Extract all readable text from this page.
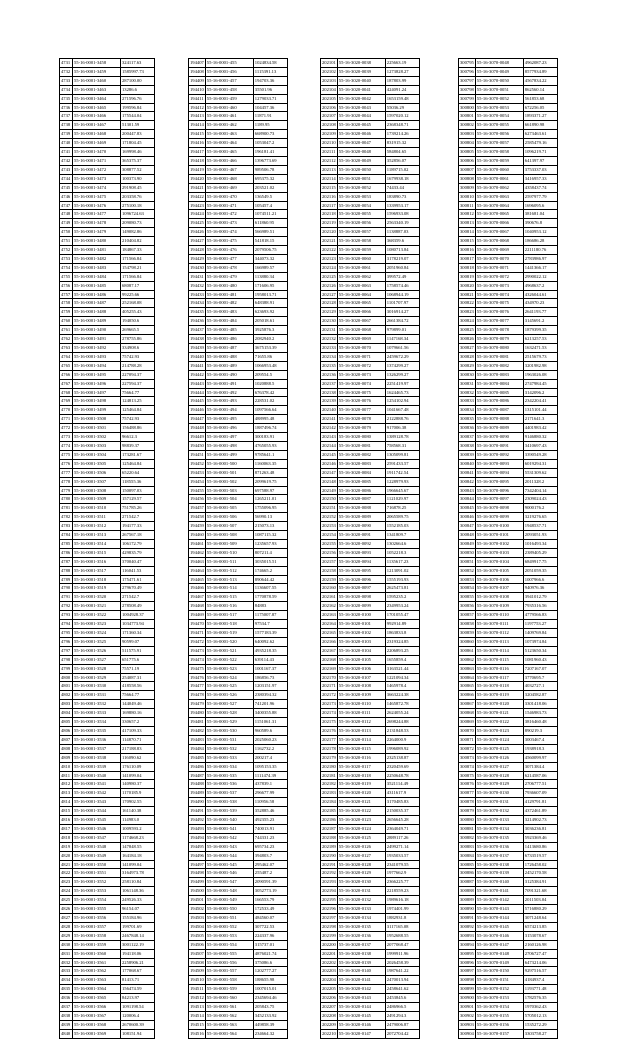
4731	55-16-0001-3458	324117.63
4732	55-16-0001-3459	1585997.73
4733	55-16-0001-3460	287100.00
4734	55-16-0001-3463	13286.6
4735	55-16-0001-3464	271596.76
4736	55-16-0001-3465	199596.84
4737	55-16-0001-3466	175544.04
4738	55-16-0001-3467	51301.59
4739	55-16-0001-3468	200447.83
4740	55-16-0001-3469	171804.45
4741	55-16-0001-3470	169998.46
4742	55-16-0001-3471	365375.37
4743	55-16-0001-3472	308877.52
4744	55-16-0001-3473	100373.90
4745	55-16-0001-3474	291908.45
4746	55-16-0001-3475	203358.76
4747	55-16-0001-3476	275100.18
4748	55-16-0001-3477	1096724.63
4749	55-16-0001-3478	209080.73
4750	55-16-0001-3479	149082.86
4751	55-16-0001-3480	210404.82
4752	55-16-0001-3481	184867.33
4753	55-16-0001-3482	171566.84
4754	55-16-0001-3483	154798.21
4755	55-16-0001-3484	171566.84
4756	55-16-0001-3485	68087.17
4757	55-16-0001-3486	99225.66
4758	55-16-0001-3487	252168.08
4759	55-16-0001-3488	405255.43
4760	55-16-0001-3489	194050.6
4761	55-16-0001-3490	269665.5
4762	55-16-0001-3491	278755.86
4763	55-16-0001-3492	334908.6
4764	55-16-0001-3493	75742.93
4765	55-16-0001-3494	214788.28
4766	55-16-0001-3495	227094.37
4767	55-16-0001-3496	227594.37
4768	55-16-0001-3497	75664.77
4769	55-16-0001-3498	124813.25
4770	55-16-0001-3499	125464.84
4771	55-16-0001-3500	75742.93
4772	55-16-0001-3501	156488.86
4773	55-16-0001-3502	96612.3
4774	55-16-0001-3503	98839.37
4775	55-16-0001-3504	173281.67
4776	55-16-0001-3505	125464.84
4777	55-16-0001-3506	65220.64
4778	55-16-0001-3507	118555.36
4779	55-16-0001-3508	150097.03
4780	55-16-0001-3509	157129.57
4781	55-16-0001-3510	751785.26
4782	55-16-0001-3511	271542.7
4783	55-16-0001-3512	194177.33
4784	55-16-0001-3513	267567.18
4785	55-16-0001-3514	106172.79
4786	55-16-0001-3515	429835.79
4787	55-16-0001-3516	370040.47
4788	55-16-0001-3517	116041.53
4789	55-16-0001-3518	175471.61
4790	55-16-0001-3519	279670.49
4791	55-16-0001-3520	271542.7
4792	55-16-0001-3521	278508.49
4793	55-16-0001-3522	1004928.37
4794	55-16-0001-3523	1034773.94
4795	55-16-0001-3524	171360.34
4796	55-16-0001-3525	90599.07
4797	55-16-0001-3526	511575.91
4798	55-16-0001-3527	651775.6
4799	55-16-0001-3528	75571.19
4800	55-16-0001-3529	254087.31
4801	55-16-0001-3530	418558.56
4802	55-16-0001-3531	75664.77
4803	55-16-0001-3532	144049.46
4804	55-16-0001-3533	169880.16
4805	55-16-0001-3534	330657.2
4806	55-16-0001-3535	417109.33
4807	55-16-0001-3536	114870.71
4808	55-16-0001-3537	217188.83
4809	55-16-0001-3538	116090.62
4810	55-16-0001-3539	176110.09
4811	55-16-0001-3540	141099.04
4812	55-16-0001-3541	140980.37
4813	55-16-0001-3542	1170185.9
4814	55-16-0001-3543	170902.55
4815	55-16-0001-3544	161140.38
4816	55-16-0001-3545	114983.0
4817	55-16-0001-3546	1009593.2
4818	55-16-0001-3547	1174668.23
4819	55-16-0001-3548	147848.55
4820	55-16-0001-3549	164184.18
4821	55-16-0001-3550	141099.04
4822	55-16-0001-3551	3164973.78
4823	55-16-0001-3552	258110.84
4824	55-16-0001-3553	1061148.36
4825	55-16-0001-3554	249526.33
4826	55-16-0001-3555	96154.07
4827	55-16-0001-3556	155184.96
4828	55-16-0001-3557	199701.69
4829	55-16-0001-3558	2467848.14
4830	55-16-0001-3559	3001122.19
4831	55-16-0001-3560	194118.06
4832	55-16-0001-3561	2258906.21
4833	55-16-0001-3562	177068.67
4834	55-16-0001-3563	81413.71
4835	55-16-0001-3564	156474.59
4836	55-16-0001-3565	84213.97
4837	55-16-0001-3566	1091198.54
4838	55-16-0001-3567	120006.4
4839	55-16-0001-3568	2670600.39
4840	55-16-0001-3569	108151.94
194407	55-16-0001-455	1024834.58
194408	55-16-0001-456	1115391.13
194409	55-16-0001-457	194703.36
194410	55-16-0001-458	35501.96
194411	55-16-0001-459	1279033.71
194412	55-16-0001-460	104457.36
194413	55-16-0001-461	11871.91
194414	55-16-0001-462	1189.95
194415	55-16-0001-463	668900.73
194416	55-16-0001-464	1053047.2
194417	55-16-0001-465	196181.41
194418	55-16-0001-466	1396773.69
194419	55-16-0001-467	989506.78
194420	55-16-0001-468	695375.32
194421	55-16-0001-469	203521.02
194422	55-16-0001-470	136549.5
194423	55-16-0001-471	105457.4
194424	55-16-0001-472	1074511.21
194425	55-16-0001-473	611860.95
194426	55-16-0001-474	566989.51
194427	55-16-0001-475	541818.15
194428	55-16-0001-476	2079506.75
194429	55-16-0001-477	344073.32
194430	55-16-0001-478	166989.57
194431	55-16-0001-479	113880.34
194432	55-16-0001-480	171606.95
194433	55-16-0001-481	1958013.71
194434	55-16-0001-482	648388.91
194435	55-16-0001-483	623693.92
194436	55-16-0001-484	205018.61
194437	55-16-0001-485	3925876.3
194438	55-16-0001-486	2082940.2
194439	55-16-0001-487	3675153.39
194440	55-16-0001-488	71655.86
194441	55-16-0001-489	1066953.48
194442	55-16-0001-490	209554.5
194443	55-16-0001-491	1020888.5
194444	55-16-0001-492	676378.42
194445	55-16-0001-493	228531.02
194446	55-16-0001-494	1097566.64
194447	55-16-0001-495	488995.48
194448	55-16-0001-496	1887496.74
194449	55-16-0001-497	300183.91
194450	55-16-0001-498	4765055.93
194451	55-16-0001-499	9785641.1
194452	55-16-0001-500	1160063.35
194453	55-16-0001-501	871263.48
194454	55-16-0001-502	2099619.75
194455	55-16-0001-503	697588.97
194456	55-16-0001-504	1265211.01
194457	55-16-0001-505	1755096.95
194458	55-16-0001-506	56990.13
194459	55-16-0001-507	215073.13
194460	55-16-0001-508	1087115.32
194461	55-16-0001-509	1235657.93
194462	55-16-0001-510	807211.4
194463	55-16-0001-511	3035015.51
194464	55-16-0001-512	174665.2
194465	55-16-0001-513	890644.42
194466	55-16-0001-514	1136607.55
194467	55-16-0001-515	1770878.59
194468	55-16-0001-516	84883
194469	55-16-0001-517	1175007.87
194470	55-16-0001-518	97534.7
194471	55-16-0001-519	1577183.39
194472	55-16-0001-520	640092.62
194473	55-16-0001-521	4935218.35
194474	55-16-0001-522	639114.43
194475	55-16-0001-523	1001167.37
194476	55-16-0001-524	186856.73
194477	55-16-0001-525	1203151.97
194478	55-16-0001-526	2380394.32
194479	55-16-0001-527	741201.96
194480	55-16-0001-528	3400355.88
194481	55-16-0001-529	1151061.31
194482	55-16-0001-530	960589.6
194483	55-16-0001-531	2025060.23
194484	55-16-0001-532	1162732.2
194485	55-16-0001-533	200217.4
194486	55-16-0001-534	1095153.35
194487	55-16-0001-535	1111474.39
194488	55-16-0001-536	437839.1
194489	55-16-0001-537	296677.99
194490	55-16-0001-538	110956.58
194491	55-16-0001-539	352885.46
194492	55-16-0001-540	492355.23
194493	55-16-0001-541	740013.91
194494	55-16-0001-542	744331.23
194495	55-16-0001-543	695734.23
194496	55-16-0001-544	394803.7
194497	55-16-0001-545	295462.07
194498	55-16-0001-546	255487.2
194499	55-16-0001-547	2090591.39
194500	55-16-0001-548	3052773.19
194501	55-16-0001-549	166553.79
194502	55-16-0001-550	172533.49
194503	55-16-0001-551	484560.07
194504	55-16-0001-552	307722.53
194505	55-16-0001-553	224337.96
194506	55-16-0001-554	315737.01
194507	55-16-0001-555	4876021.74
194508	55-16-0001-556	375086.6
194509	55-16-0001-557	1202777.27
194510	55-16-0001-558	188655.98
194511	55-16-0001-559	1007015.01
194512	55-16-0001-560	2345694.46
194513	55-16-0001-561	205843.75
194514	55-16-0001-562	3452133.92
194515	55-16-0001-563	449858.39
194516	55-16-0001-564	234664.32
202101	55-16-3020-0038	225663.19
202102	55-16-3020-0039	1273828.27
202103	55-16-3020-0040	187803.99
202104	55-16-3020-0041	424091.24
202105	55-16-3020-0042	1653159.48
202106	55-16-3020-0043	55036.29
202107	55-16-3020-0044	1597020.12
202108	55-16-3020-0045	2368348.71
202109	55-16-3020-0046	1739214.26
202110	55-16-3020-0047	831915.32
202111	55-16-3020-0048	584804.65
202112	55-16-3020-0049	352856.07
202113	55-16-3020-0050	1189715.02
202114	55-16-3020-0051	1679938.18
202115	55-16-3020-0052	74433.44
202116	55-16-3020-0053	183890.73
202117	55-16-3020-0054	1339953.17
202118	55-16-3020-0055	1596933.08
202119	55-16-3020-0056	2563340.19
202120	55-16-3020-0057	1138887.03
202121	55-16-3020-0058	368359.6
202122	55-16-3020-0059	1080713.84
202123	55-16-3020-0060	3178219.07
202124	55-16-3020-0061	2051960.84
202125	55-16-3020-0062	399572.49
202126	55-16-3020-0063	1758574.46
202127	55-16-3020-0064	1068944.19
202128	55-16-3020-0065	1101707.97
202129	55-16-3020-0066	3016914.27
202130	55-16-3020-0067	2661384.72
202131	55-16-3020-0068	979899.01
202132	55-16-3020-0069	1147168.34
202133	55-16-3020-0070	1079661.56
202134	55-16-3020-0071	2459672.29
202135	55-16-3020-0072	1374299.27
202136	55-16-3020-0073	1326299.27
202137	55-16-3020-0074	2251419.97
202138	55-16-3020-0075	1624465.73
202139	55-16-3020-0076	1254102.94
202140	55-16-3020-0077	1041667.48
202141	55-16-3020-0078	2122888.76
202142	55-16-3020-0079	917006.38
202143	55-16-3020-0080	1389128.78
202144	55-16-3020-0081	758568.31
202145	55-16-3020-0082	1305099.81
202146	55-16-3020-0083	2591433.57
202147	55-16-3020-0084	1911742.54
202148	55-16-3020-0085	1228979.93
202149	55-16-3020-0086	1966645.67
202150	55-16-3020-0087	1121029.97
202151	55-16-3020-0088	716878.25
202152	55-16-3020-0089	2065589.75
202153	55-16-3020-0090	1552185.03
202154	55-16-3020-0091	1341809.7
202155	55-16-3020-0092	1302664.6
202156	55-16-3020-0093	1052218.3
202157	55-16-3020-0094	1135617.23
202158	55-16-3020-0095	1213091.02
202159	55-16-3020-0096	1555193.93
202160	55-16-3020-0097	2625473.81
202161	55-16-3020-0098	1595235.2
202162	55-16-3020-0099	2349953.24
202163	55-16-3020-0100	1701055.47
202164	55-16-3020-0101	992914.89
202165	55-16-3020-0102	1863833.8
202166	55-16-3020-0103	2319324.85
202167	55-16-3020-0104	2206893.25
202168	55-16-3020-0105	1655859.4
202169	55-16-3020-0106	3163521.44
202170	55-16-3020-0107	1221094.34
202171	55-16-3020-0108	1465978.4
202172	55-16-3020-0109	3663224.38
202173	55-16-3020-0110	1465872.78
202174	55-16-3020-0111	2624055.24
202175	55-16-3020-0112	2698244.88
202176	55-16-3020-0113	2131848.53
202177	55-16-3020-0114	2264000.9
202178	55-16-3020-0115	1996089.92
202179	55-16-3020-0116	2325138.87
202180	55-16-3020-0117	2320459.69
202181	55-16-3020-0118	2250648.78
202182	55-16-3020-0119	3521114.49
202183	55-16-3020-0120	4311617.9
202184	55-16-3020-0121	3170485.83
202185	55-16-3020-0122	2150035.37
202186	55-16-3020-0123	2656645.28
202187	55-16-3020-0124	2364049.71
202188	55-16-3020-0125	2889117.26
202189	55-16-3020-0126	2499271.14
202190	55-16-3020-0127	1935033.57
202191	55-16-3020-0128	2341079.55
202192	55-16-3020-0129	1977662.9
202193	55-16-3020-0130	2366225.77
202194	55-16-3020-0131	2218559.23
202195	55-16-3020-0132	1989616.18
202196	55-16-3020-0133	1974401.99
202197	55-16-3020-0134	1882931.8
202198	55-16-3020-0135	3117165.08
202199	55-16-3020-0136	1952688.55
202200	55-16-3020-0137	2077068.47
202201	55-16-3020-0138	1999911.96
202202	55-16-3020-0139	2026458.39
202203	55-16-3020-0140	1987641.22
202204	55-16-3020-0141	2470013.94
202205	55-16-3020-0142	2458641.62
202206	55-16-3020-0143	2453845.6
202207	55-16-3020-0144	2486966.5
202208	55-16-3020-0145	2491294.3
202209	55-16-3020-0146	2479006.87
202210	55-16-3020-0147	2072704.42
300795	55-16-3070-0048	4962087.23
300796	55-16-3070-0049	8577934.89
300797	55-16-3070-0050	4567834.22
300798	55-16-3070-0051	862560.14
300799	55-16-3070-0052	561853.68
300800	55-16-3070-0053	672256.05
300801	55-16-3070-0054	1893371.27
300802	55-16-3070-0055	661890.98
300803	55-16-3070-0056	6273463.61
300804	55-16-3070-0057	2585479.16
300805	55-16-3070-0058	1096219.71
300806	55-16-3070-0059	641397.97
300807	55-16-3070-0060	3753337.03
300808	55-16-3070-0061	3416957.33
300809	55-16-3070-0062	4358437.74
300810	55-16-3070-0063	2597977.79
300811	55-16-3070-0064	1696095.6
300812	55-16-3070-0065	381681.04
300813	55-16-3070-0066	390676.8
300814	55-16-3070-0067	1040953.12
300815	55-16-3070-0068	186686.28
300816	55-16-3070-0069	2211180.76
300817	55-16-3070-0070	2783986.97
300818	55-16-3070-0071	1441366.17
300819	55-16-3070-0072	2990022.12
300820	55-16-3070-0073	4968637.2
300821	55-16-3070-0074	4326044.61
300822	55-16-3070-0075	434970.23
300823	55-16-3070-0076	2641193.77
300824	55-16-3070-0077	3145691.2
300825	55-16-3070-0078	1879399.35
300826	55-16-3070-0079	6213257.53
300827	55-16-3070-0080	1632471.53
300828	55-16-3070-0081	2515679.73
300829	55-16-3070-0082	3201982.98
300830	55-16-3070-0083	1963026.08
300831	55-16-3070-0084	2747984.45
300832	55-16-3070-0085	3142096.2
300833	55-16-3070-0086	2342204.41
300834	55-16-3070-0087	1315101.44
300835	55-16-3070-0088	2171641.3
300836	55-16-3070-0089	4401983.42
300837	55-16-3070-0090	9146880.32
300838	55-16-3070-0091	3410697.43
300839	55-16-3070-0092	3390549.28
300840	55-16-3070-0093	6019294.31
300841	55-16-3070-0094	5531309.62
300842	55-16-3070-0095	2011328.2
300843	55-16-3070-0096	7342404.14
300844	55-16-3070-0097	2309024.43
300845	55-16-3070-0098	9000176.2
300846	55-16-3070-0099	3219276.65
300847	55-16-3070-0100	1948537.71
300848	55-16-3070-0101	2093051.93
300849	55-16-3070-0102	1016493.34
300850	55-16-3070-0103	2389405.29
300851	55-16-3070-0104	6849917.75
300852	55-16-3070-0105	2051059.35
300853	55-16-3070-0106	1007966.6
300854	55-16-3070-0107	940976.36
300855	55-16-3070-0108	3941012.79
300856	55-16-3070-0109	7935316.56
300857	55-16-3070-0110	4779566.83
300858	55-16-3070-0111	1197753.27
300859	55-16-3070-0112	1409769.84
300860	55-16-3070-0113	1073974.84
300861	55-16-3070-0114	5123650.34
300862	55-16-3070-0115	1081960.43
300863	55-16-3070-0116	7207167.07
300864	55-16-3070-0117	3770695.7
300865	55-16-3070-0118	4032727.1
300866	55-16-3070-0119	3204582.87
300867	55-16-3070-0120	3301418.06
300868	55-16-3070-0121	1546983.73
300869	55-16-3070-0122	3816460.48
300870	55-16-3070-0123	890219.3
300871	55-16-3070-0124	3003467.4
300872	55-16-3070-0125	1938918.3
300873	55-16-3070-0126	4560099.97
300874	55-16-3070-0127	3071384.4
300875	55-16-3070-0128	6214587.06
300876	55-16-3070-0129	2706777.51
300877	55-16-3070-0130	7936607.09
300878	55-16-3070-0131	4129791.81
300879	55-16-3070-0132	4372461.89
300880	55-16-3070-0133	3214902.73
300881	55-16-3070-0134	3036236.81
300882	55-16-3070-0135	5923369.46
300883	55-16-3070-0136	1413680.86
300884	55-16-3070-0137	6733519.57
300885	55-16-3070-0138	1726458.02
300886	55-16-3070-0139	2452170.58
300887	55-16-3070-0140	3125384.91
300888	55-16-3070-0141	7091321.68
300889	55-16-3070-0142	2011503.04
300890	55-16-3070-0143	5716880.29
300891	55-16-3070-0144	3071248.64
300892	55-16-3070-0145	6574213.85
300893	55-16-3070-0146	3153078.67
300894	55-16-3070-0147	2160126.98
300895	55-16-3070-0148	2706727.47
300896	55-16-3070-0149	6473214.06
300897	55-16-3070-0150	9297516.57
300898	55-16-3070-0151	4184937.4
300899	55-16-3070-0152	1193771.48
300900	55-16-3070-0153	1782576.35
300901	55-16-3070-0154	1970362.43
300902	55-16-3070-0155	5705012.13
300903	55-16-3070-0156	1535272.29
300904	55-16-3070-0157	3303758.27
